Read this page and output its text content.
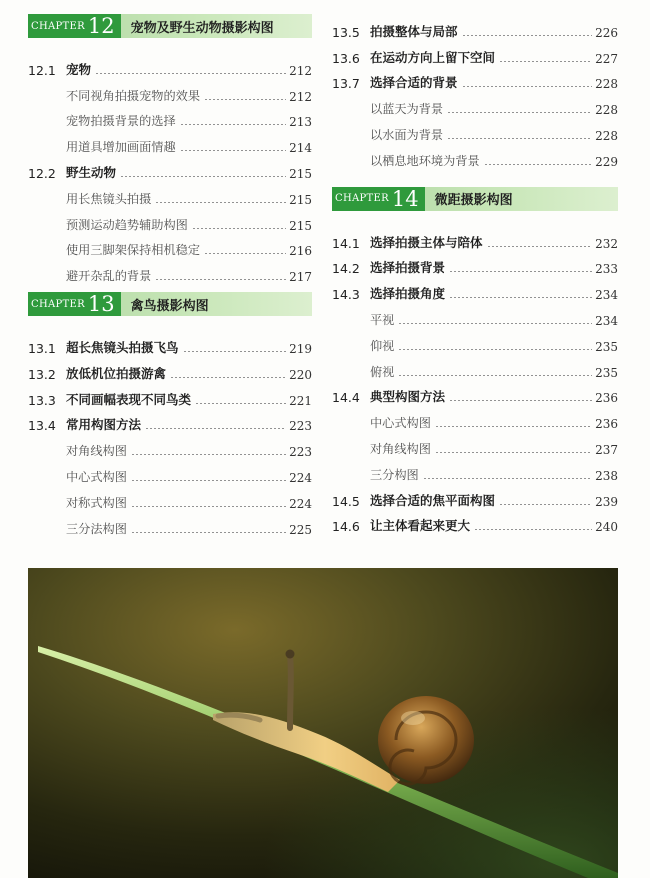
CHAPTER 12 宠物及野生动物摄影构图
12.1 宠物	212
不同视角拍摄宠物的效果	212
宠物拍摄背景的选择	213
用道具增加画面情趣	214
12.2 野生动物	215
用长焦镜头拍摄	215
预测运动趋势辅助构图	215
使用三脚架保持相机稳定	216
避开杂乱的背景	217
CHAPTER 13 禽鸟摄影构图
13.1 超长焦镜头拍摄飞鸟	219
13.2 放低机位拍摄游禽	220
13.3 不同画幅表现不同鸟类	221
13.4 常用构图方法	223
对角线构图	223
中心式构图	224
对称式构图	224
三分法构图	225
13.5 拍摄整体与局部	226
13.6 在运动方向上留下空间	227
13.7 选择合适的背景	228
以蓝天为背景	228
以水面为背景	228
以栖息地环境为背景	229
CHAPTER 14 微距摄影构图
14.1 选择拍摄主体与陪体	232
14.2 选择拍摄背景	233
14.3 选择拍摄角度	234
平视	234
仰视	235
俯视	235
14.4 典型构图方法	236
中心式构图	236
对角线构图	237
三分构图	238
14.5 选择合适的焦平面构图	239
14.6 让主体看起来更大	240
